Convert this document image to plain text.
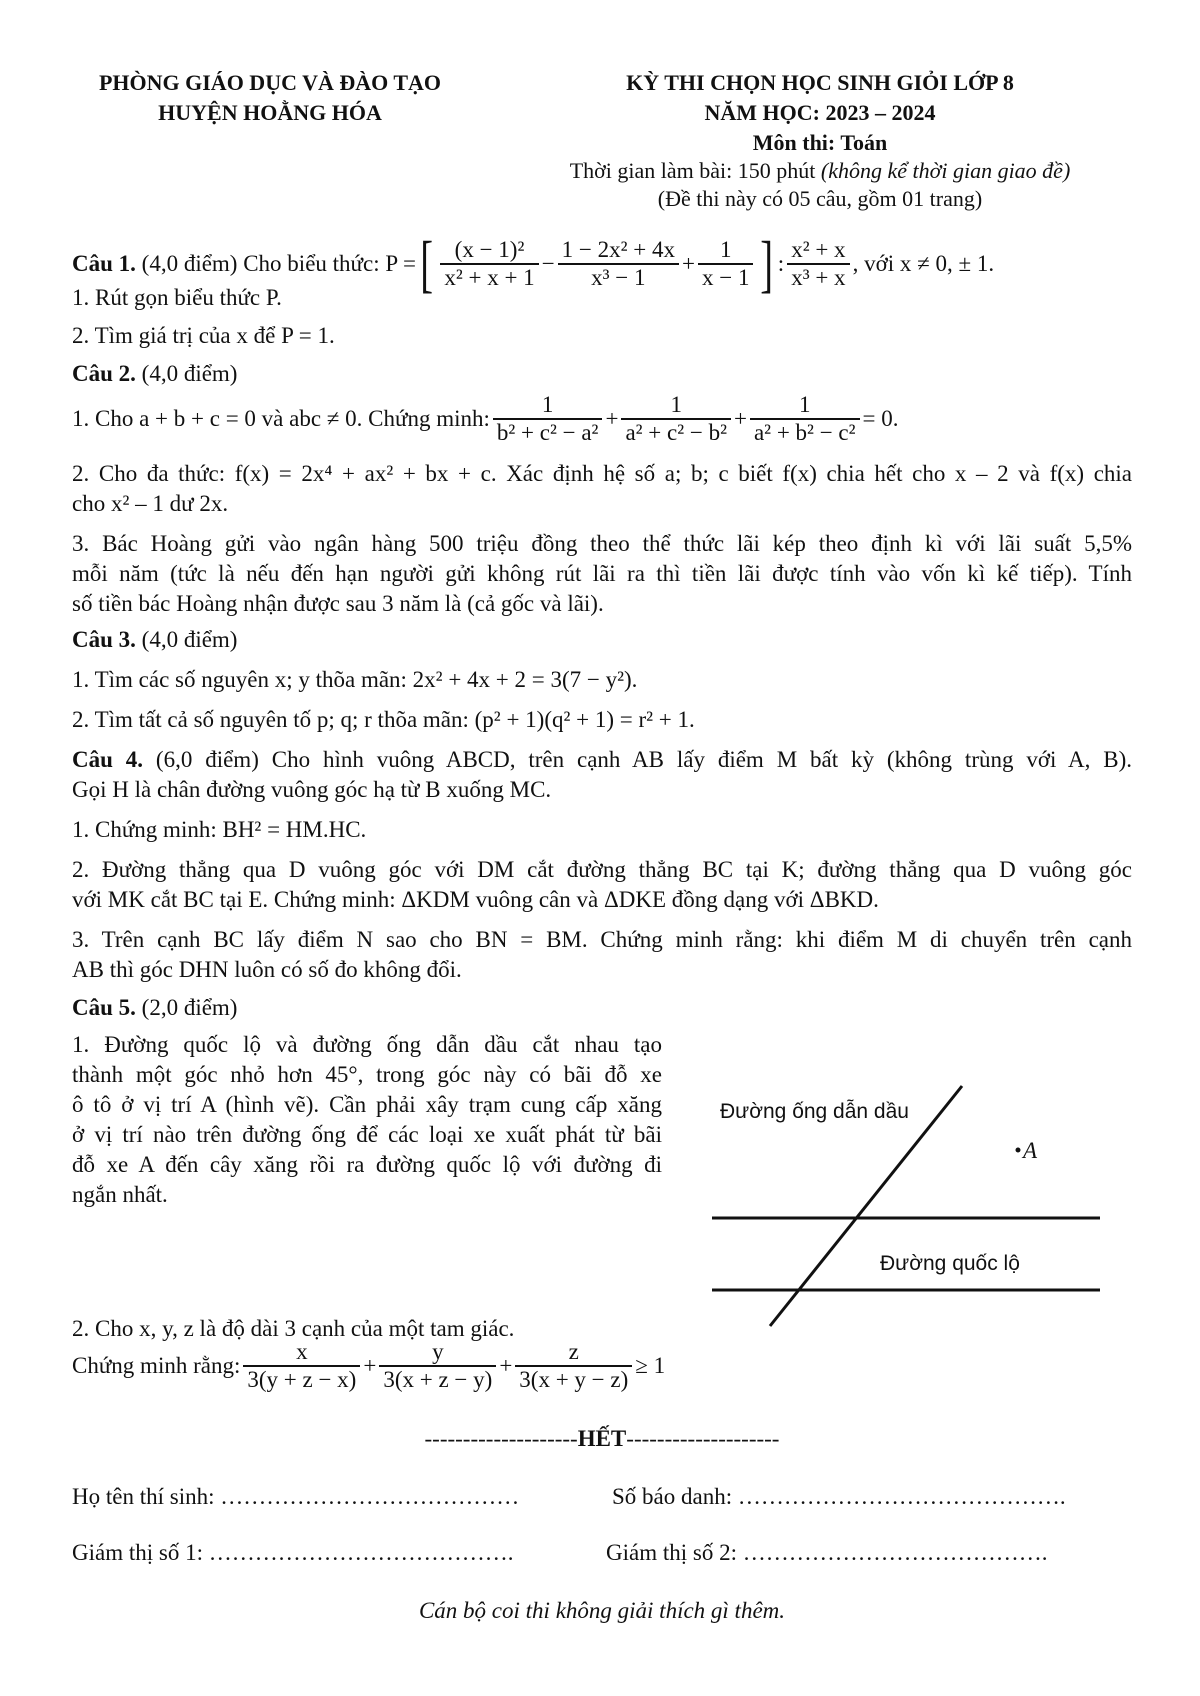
PHÒNG GIÁO DỤC VÀ ĐÀO TẠO
HUYỆN HOẰNG HÓA
KỲ THI CHỌN HỌC SINH GIỎI LỚP 8
NĂM HỌC: 2023 – 2024
Môn thi: Toán
Thời gian làm bài: 150 phút (không kể thời gian giao đề)
(Đề thi này có 05 câu, gồm 01 trang)
Câu 1.
(4,0 điểm) Cho biểu thức: P = [ $\frac{\text{(x − 1)²}}{\text{x² + x + 1}} - \frac{\text{1 − 2x² + 4x}}{\text{x³ − 1}} + \frac{1}{x - 1}$ ] : $\frac{\text{x² + x}}{\text{x³ + x}}$ , với x ≠ 0, ± 1.
1. Rút gọn biểu thức P.
2. Tìm giá trị của x để P = 1.
Câu 2. (4,0 điểm)
1. Cho a + b + c = 0 và abc ≠ 0. Chứng minh: $\frac{1}{\text{b² + c² − a²}} + \frac{1}{\text{a² + c² − b²}} + \frac{1}{\text{a² + b² − c²}} = 0$.
2. Cho đa thức: f(x) = 2x⁴ + ax² + bx + c. Xác định hệ số a; b; c biết f(x) chia hết cho x – 2 và f(x) chia
cho x² – 1 dư 2x.
3. Bác Hoàng gửi vào ngân hàng 500 triệu đồng theo thể thức lãi kép theo định kì với lãi suất 5,5%
mỗi năm (tức là nếu đến hạn người gửi không rút lãi ra thì tiền lãi được tính vào vốn kì kế tiếp). Tính
số tiền bác Hoàng nhận được sau 3 năm là (cả gốc và lãi).
Câu 3. (4,0 điểm)
1. Tìm các số nguyên x; y thõa mãn: 2x² + 4x + 2 = 3(7 − y²).
2. Tìm tất cả số nguyên tố p; q; r thõa mãn: (p² + 1)(q² + 1) = r² + 1.
Câu 4. (6,0 điểm) Cho hình vuông ABCD, trên cạnh AB lấy điểm M bất kỳ (không trùng với A, B).
Gọi H là chân đường vuông góc hạ từ B xuống MC.
1. Chứng minh: BH² = HM.HC.
2. Đường thẳng qua D vuông góc với DM cắt đường thẳng BC tại K; đường thẳng qua D vuông góc
với MK cắt BC tại E. Chứng minh: ΔKDM vuông cân và ΔDKE đồng dạng với ΔBKD.
3. Trên cạnh BC lấy điểm N sao cho BN = BM. Chứng minh rằng: khi điểm M di chuyển trên cạnh
AB thì góc DHN luôn có số đo không đổi.
Câu 5. (2,0 điểm)
1. Đường quốc lộ và đường ống dẫn dầu cắt nhau tạo
thành một góc nhỏ hơn 45°, trong góc này có bãi đỗ xe
ô tô ở vị trí A (hình vẽ). Cần phải xây trạm cung cấp xăng
ở vị trí nào trên đường ống để các loại xe xuất phát từ bãi
đỗ xe A đến cây xăng rồi ra đường quốc lộ với đường đi
ngắn nhất.
Đường ống dẫn dầu
A
Đường quốc lộ
2. Cho x, y, z là độ dài 3 cạnh của một tam giác.
Chứng minh rằng: $\frac{x}{3(y + z - x)} + \frac{y}{3(x + z - y)} + \frac{z}{3(x + y - z)} \ge 1$
--------------------HẾT--------------------
Họ tên thí sinh: …………………………………	Số báo danh: …………………………………….
Giám thị số 1: ………………………………….	Giám thị số 2: ………………………………….
Cán bộ coi thi không giải thích gì thêm.
